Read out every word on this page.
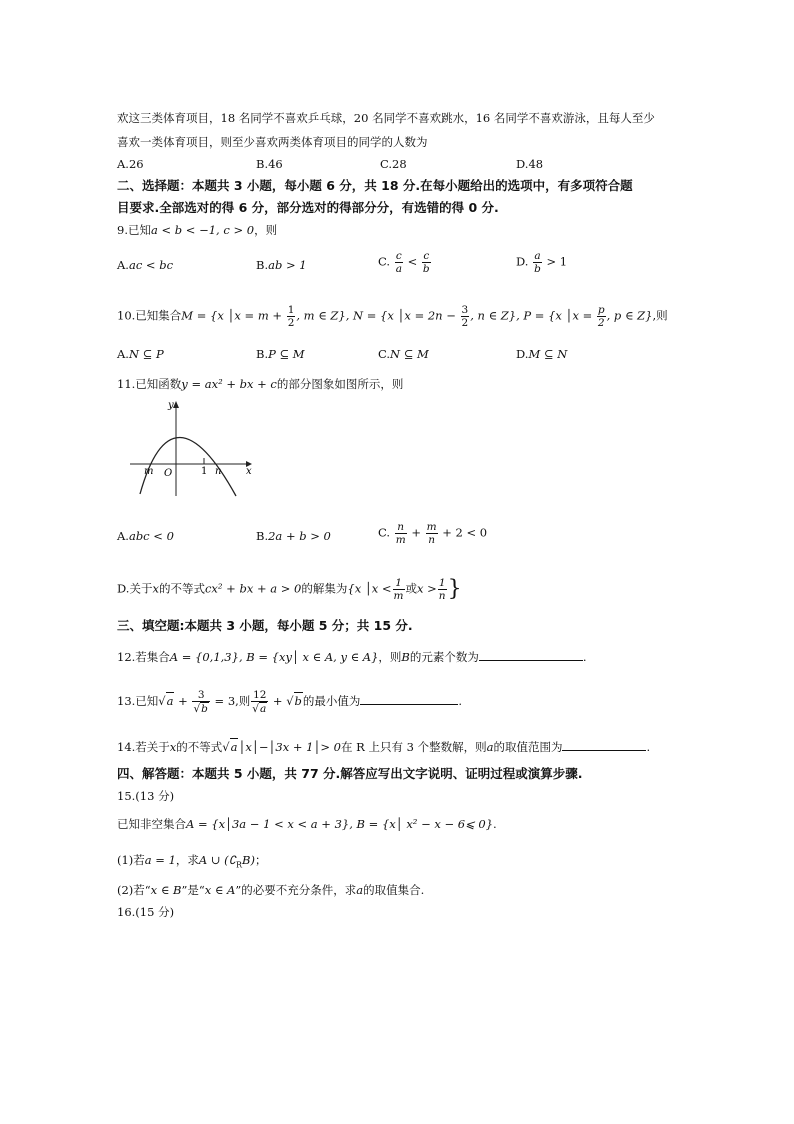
欢这三类体育项目，18 名同学不喜欢乒乓球，20 名同学不喜欢跳水，16 名同学不喜欢游泳，且每人至少
喜欢一类体育项目，则至少喜欢两类体育项目的同学的人数为
A.26	B.46	C.28	D.48
二、选择题：本题共 3 小题，每小题 6 分，共 18 分.在每小题给出的选项中，有多项符合题
目要求.全部选对的得 6 分，部分选对的得部分分，有选错的得 0 分.
9.已知a < b < −1, c > 0，则
A.ac < bc	B.ab > 1	C. $\frac{c}{a} < \frac{c}{b}$	D. $\frac{a}{b} > 1$
10.已知集合M = {x │x = $m + \frac{1}{2}$ , m ∈ Z}, N = {x │x = $2n - \frac{3}{2}$ , n ∈ Z}, P = {x │x = $\frac{p}{2}$ , p ∈ Z},则
A.N ⊆ P	B.P ⊆ M	C.N ⊆ M	D.M ⊆ N
11.已知函数y = ax² + bx + c的部分图象如图所示，则
y
x
O
m	n
1
A.abc < 0	B.2a + b > 0	C. $\frac{n}{m} + \frac{m}{n} + 2 < 0$
D.关于x的不等式cx² + bx + a > 0的解集为{x │x < $\frac{1}{m}$ 或$x > \frac{1}{n}$ }
三、填空题:本题共 3 小题，每小题 5 分；共 15 分.
12.若集合A = {0,1,3}, B = {xy│ x ∈ A, y ∈ A}，则B的元素个数为	.
13.已知$√a + \frac{3}{√b} = 3$,则 $\frac{12}{√a} + √b$的最小值为	.
14.若关于x的不等式√a│x│−│3x + 1│> 0在 R 上只有 3 个整数解，则a的取值范围为	.
四、解答题：本题共 5 小题，共 77 分.解答应写出文字说明、证明过程或演算步骤.
15.(13 分)
已知非空集合A = {x│3a − 1 < x < a + 3}, B = {x│ x² − x − 6⩽ 0}.
(1)若a = 1，求A ∪ $(∁_RB)$；
(2)若“x ∈ B”是“x ∈ A”的必要不充分条件，求a的取值集合.
16.(15 分)
